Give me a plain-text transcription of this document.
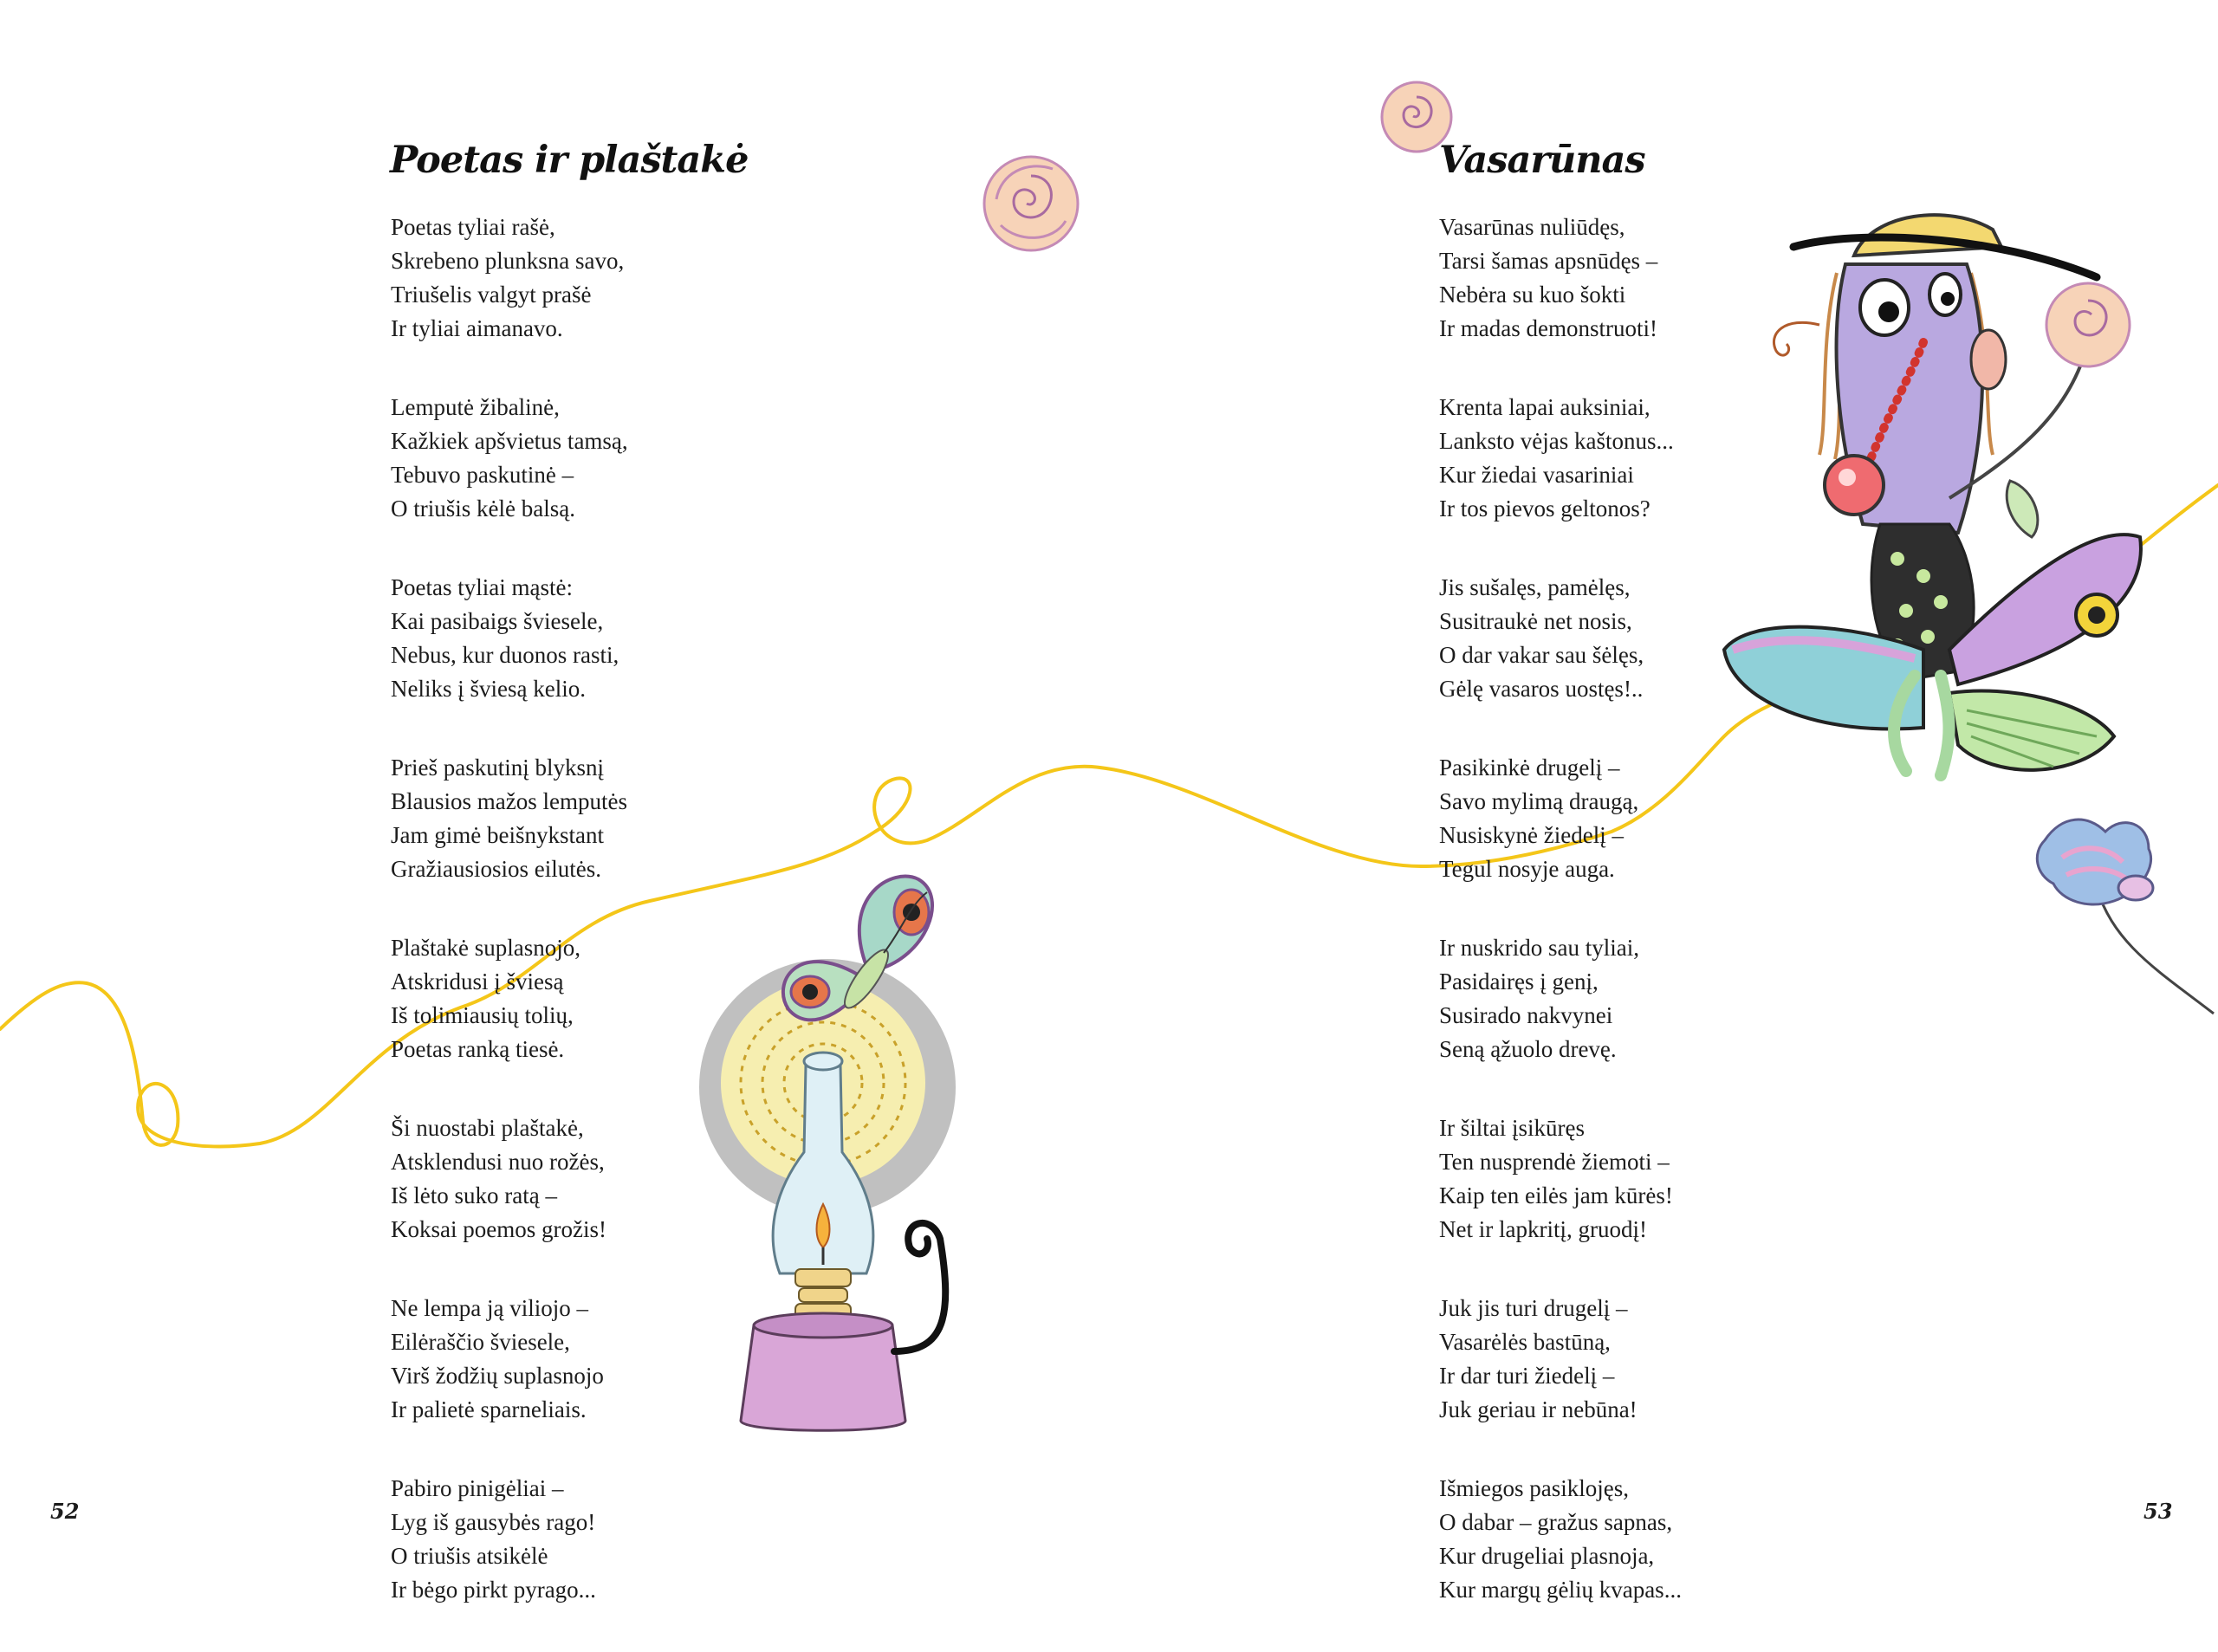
Poetas ir plaštakė
Poetas tyliai rašė,
Skrebeno plunksna savo,
Triušelis valgyt prašė
Ir tyliai aimanavo.
Lemputė žibalinė,
Kažkiek apšvietus tamsą,
Tebuvo paskutinė –
O triušis kėlė balsą.
Poetas tyliai mąstė:
Kai pasibaigs šviesele,
Nebus, kur duonos rasti,
Neliks į šviesą kelio.
Prieš paskutinį blyksnį
Blausios mažos lemputės
Jam gimė beišnykstant
Gražiausiosios eilutės.
Plaštakė suplasnojo,
Atskridusi į šviesą
Iš tolimiausių tolių,
Poetas ranką tiesė.
Ši nuostabi plaštakė,
Atsklendusi nuo rožės,
Iš lėto suko ratą –
Koksai poemos grožis!
Ne lempa ją viliojo –
Eilėraščio šviesele,
Virš žodžių suplasnojo
Ir palietė sparneliais.
Pabiro pinigėliai –
Lyg iš gausybės rago!
O triušis atsikėlė
Ir bėgo pirkt pyrago...
52
Vasarūnas
Vasarūnas nuliūdęs,
Tarsi šamas apsnūdęs –
Nebėra su kuo šokti
Ir madas demonstruoti!
Krenta lapai auksiniai,
Lanksto vėjas kaštonus...
Kur žiedai vasariniai
Ir tos pievos geltonos?
Jis sušalęs, pamėlęs,
Susitraukė net nosis,
O dar vakar sau šėlęs,
Gėlę vasaros uostęs!..
Pasikinkė drugelį –
Savo mylimą draugą,
Nusiskynė žiedelį –
Tegul nosyje auga.
Ir nuskrido sau tyliai,
Pasidairęs į genį,
Susirado nakvynei
Seną ąžuolo drevę.
Ir šiltai įsikūręs
Ten nusprendė žiemoti –
Kaip ten eilės jam kūrės!
Net ir lapkritį, gruodį!
Juk jis turi drugelį –
Vasarėlės bastūną,
Ir dar turi žiedelį –
Juk geriau ir nebūna!
Išmiegos pasiklojęs,
O dabar – gražus sapnas,
Kur drugeliai plasnoja,
Kur margų gėlių kvapas...
53
